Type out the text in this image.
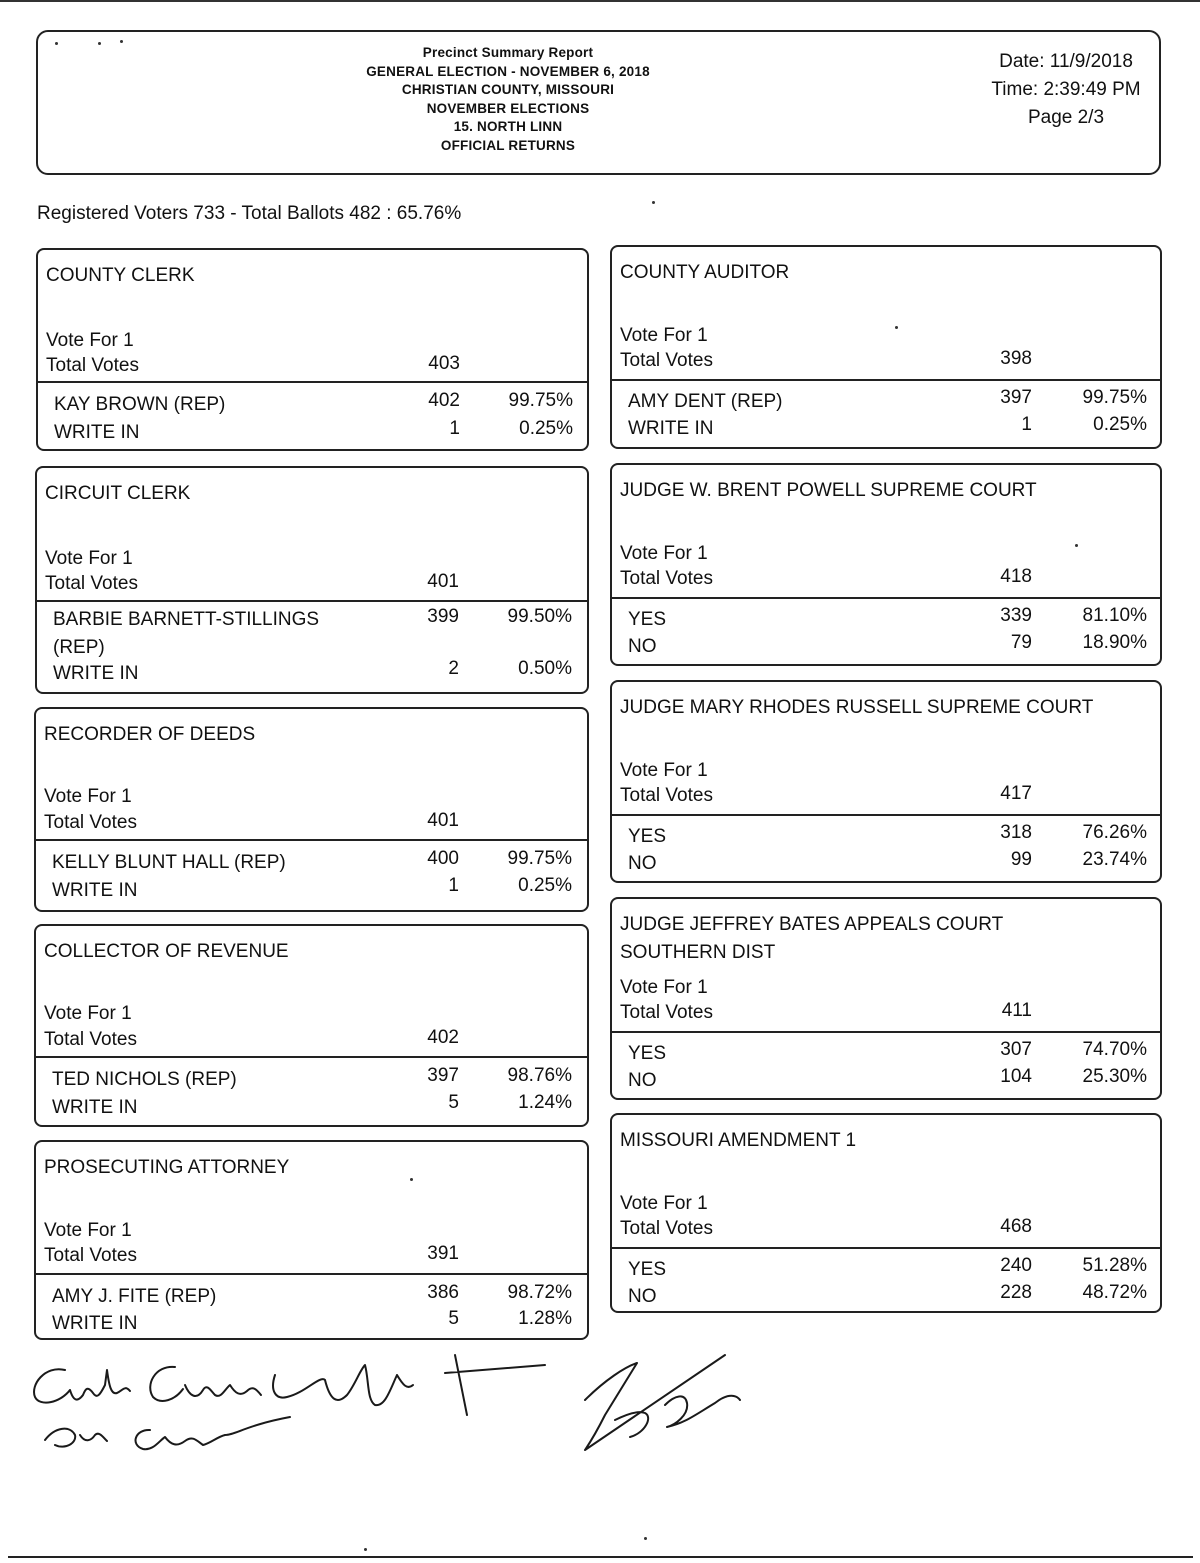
Precinct Summary Report
GENERAL ELECTION - NOVEMBER 6, 2018
CHRISTIAN COUNTY, MISSOURI
NOVEMBER ELECTIONS
15. NORTH LINN
OFFICIAL RETURNS
Date: 11/9/2018
Time: 2:39:49 PM
Page 2/3
Registered Voters 733 - Total Ballots 482 : 65.76%
COUNTY CLERK
Vote For 1
Total Votes	403
KAY BROWN (REP)	402	99.75%
WRITE IN	1	0.25%
CIRCUIT CLERK
Vote For 1
Total Votes	401
BARBIE BARNETT-STILLINGS
(REP)
399	99.50%
WRITE IN	2	0.50%
RECORDER OF DEEDS
Vote For 1
Total Votes	401
KELLY BLUNT HALL (REP)	400	99.75%
WRITE IN	1	0.25%
COLLECTOR OF REVENUE
Vote For 1
Total Votes	402
TED NICHOLS (REP)	397	98.76%
WRITE IN	5	1.24%
PROSECUTING ATTORNEY
Vote For 1
Total Votes	391
AMY J. FITE (REP)	386	98.72%
WRITE IN	5	1.28%
COUNTY AUDITOR
Vote For 1
Total Votes	398
AMY DENT (REP)	397	99.75%
WRITE IN	1	0.25%
JUDGE W. BRENT POWELL SUPREME COURT
Vote For 1
Total Votes	418
YES	339	81.10%
NO	79	18.90%
JUDGE MARY RHODES RUSSELL SUPREME COURT
Vote For 1
Total Votes	417
YES	318	76.26%
NO	99	23.74%
JUDGE JEFFREY BATES APPEALS COURT
SOUTHERN DIST
Vote For 1
Total Votes	411
YES	307	74.70%
NO	104	25.30%
MISSOURI AMENDMENT 1
Vote For 1
Total Votes	468
YES	240	51.28%
NO	228	48.72%
